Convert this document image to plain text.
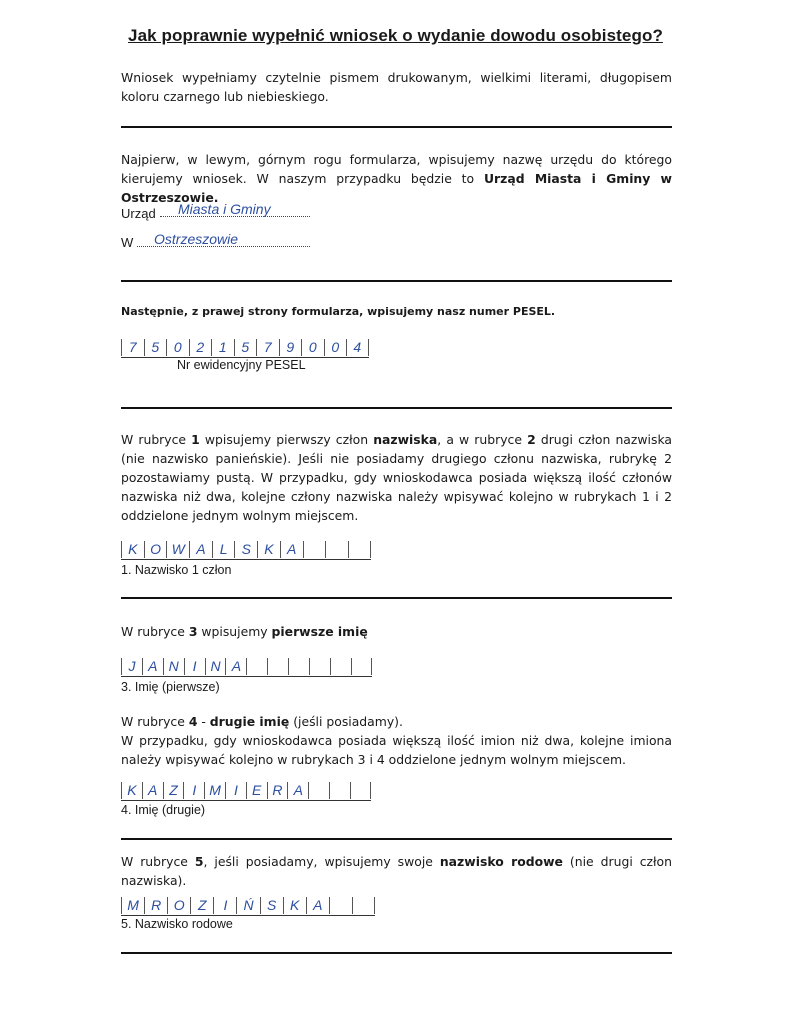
Jak poprawnie wypełnić wniosek o wydanie dowodu osobistego?
Wniosek wypełniamy czytelnie pismem drukowanym, wielkimi literami, długopisem koloru czarnego lub niebieskiego.
Najpierw, w lewym, górnym rogu formularza, wpisujemy nazwę urzędu do którego kierujemy wniosek. W naszym przypadku będzie to Urząd Miasta i Gminy w Ostrzeszowie.
Urząd Miasta i Gminy
W Ostrzeszowie
Następnie, z prawej strony formularza, wpisujemy nasz numer PESEL.
7	5	0	2	1	5	7	9	0	0	4
Nr ewidencyjny PESEL
W rubryce 1 wpisujemy pierwszy człon nazwiska, a w rubryce 2 drugi człon nazwiska (nie nazwisko panieńskie). Jeśli nie posiadamy drugiego członu nazwiska, rubrykę 2 pozostawiamy pustą. W przypadku, gdy wnioskodawca posiada większą ilość członów nazwiska niż dwa, kolejne człony nazwiska należy wpisywać kolejno w rubrykach 1 i 2 oddzielone jednym wolnym miejscem.
K O W A	L	S K A
1. Nazwisko 1 człon
W rubryce 3 wpisujemy pierwsze imię
J A N I N A
3. Imię (pierwsze)
W rubryce 4 - drugie imię (jeśli posiadamy).
W przypadku, gdy wnioskodawca posiada większą ilość imion niż dwa, kolejne imiona należy wpisywać kolejno w rubrykach 3 i 4 oddzielone jednym wolnym miejscem.
K A Z	I M I	E R A
4. Imię (drugie)
W rubryce 5, jeśli posiadamy, wpisujemy swoje nazwisko rodowe (nie drugi człon nazwiska).
M R O Z	I	Ń S K A
5. Nazwisko rodowe
